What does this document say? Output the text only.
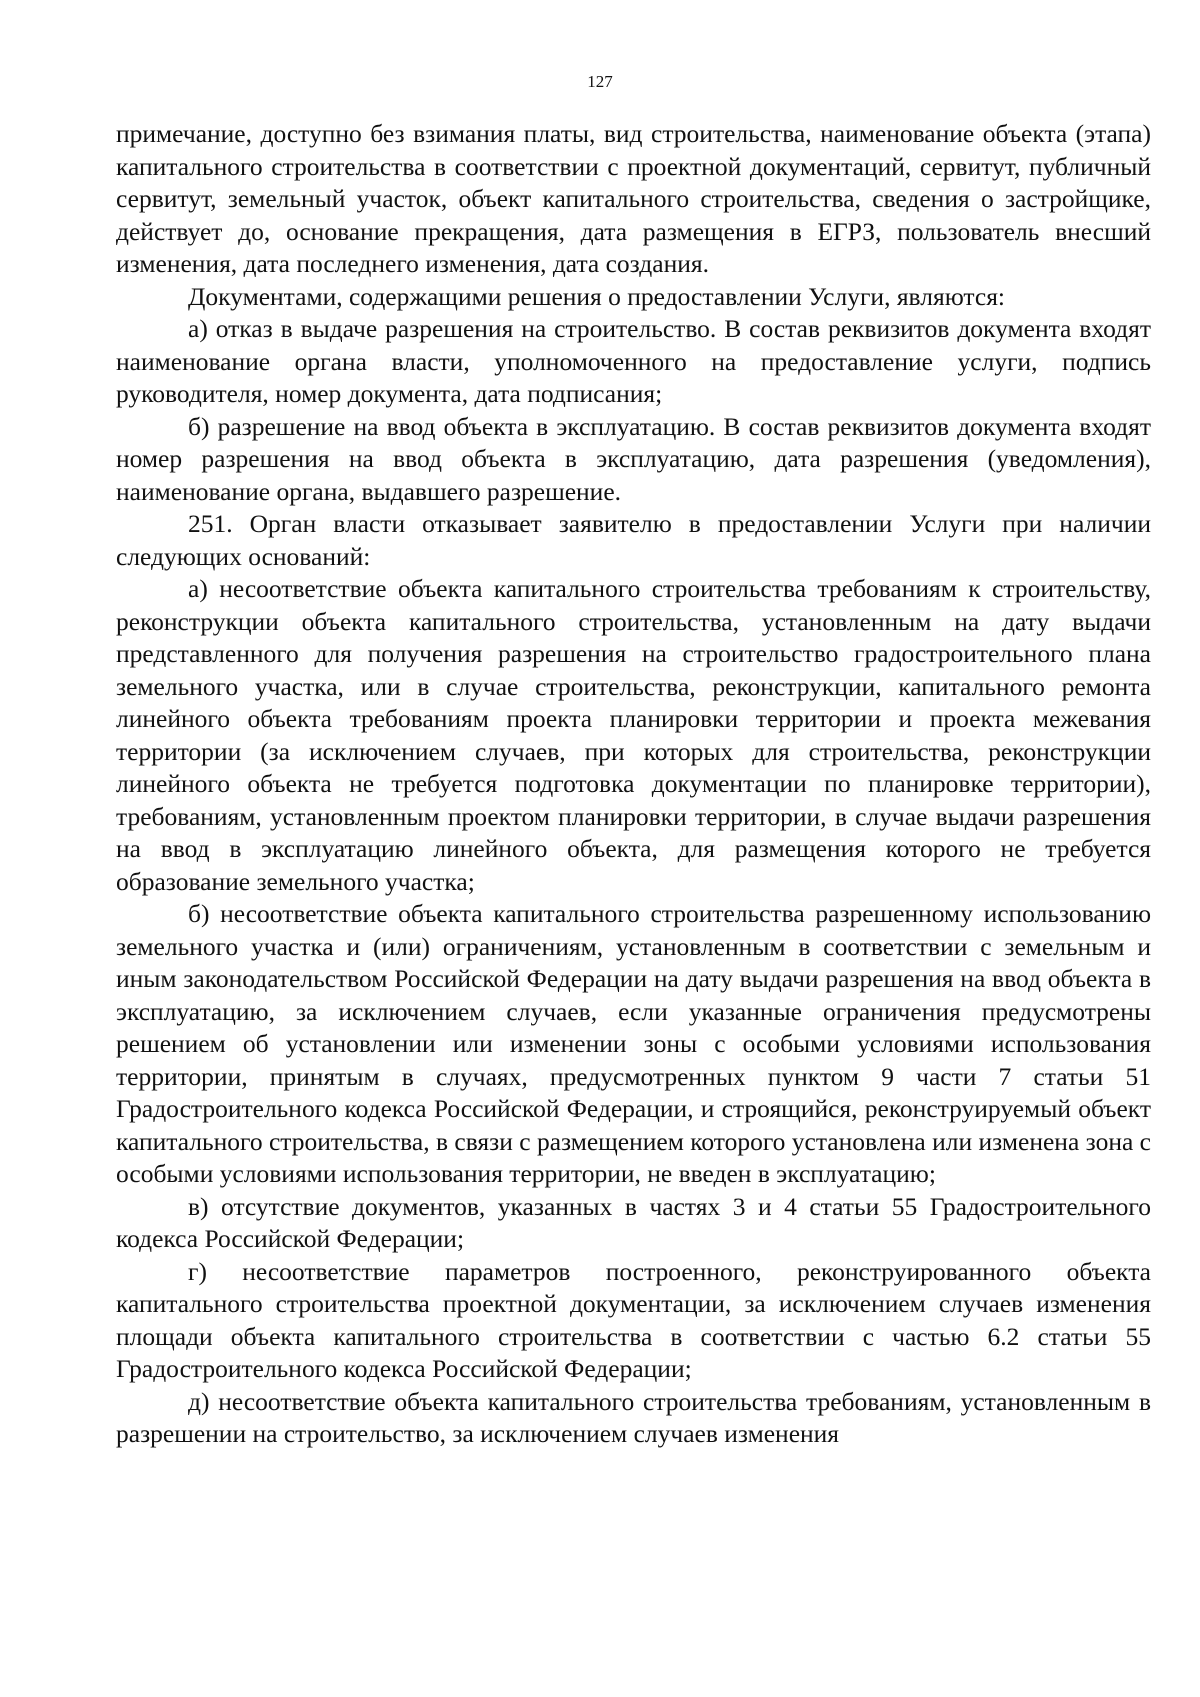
127

примечание, доступно без взимания платы, вид строительства, наименование объекта (этапа) капитального строительства в соответствии с проектной документаций, сервитут, публичный сервитут, земельный участок, объект капитального строительства, сведения о застройщике, действует до, основание прекращения, дата размещения в ЕГРЗ, пользователь внесший изменения, дата последнего изменения, дата создания.

Документами, содержащими решения о предоставлении Услуги, являются:

а) отказ в выдаче разрешения на строительство. В состав реквизитов документа входят наименование органа власти, уполномоченного на предоставление услуги, подпись руководителя, номер документа, дата подписания;

б) разрешение на ввод объекта в эксплуатацию. В состав реквизитов документа входят номер разрешения на ввод объекта в эксплуатацию, дата разрешения (уведомления), наименование органа, выдавшего разрешение.

251. Орган власти отказывает заявителю в предоставлении Услуги при наличии следующих оснований:

а) несоответствие объекта капитального строительства требованиям к строительству, реконструкции объекта капитального строительства, установленным на дату выдачи представленного для получения разрешения на строительство градостроительного плана земельного участка, или в случае строительства, реконструкции, капитального ремонта линейного объекта требованиям проекта планировки территории и проекта межевания территории (за исключением случаев, при которых для строительства, реконструкции линейного объекта не требуется подготовка документации по планировке территории), требованиям, установленным проектом планировки территории, в случае выдачи разрешения на ввод в эксплуатацию линейного объекта, для размещения которого не требуется образование земельного участка;

б) несоответствие объекта капитального строительства разрешенному использованию земельного участка и (или) ограничениям, установленным в соответствии с земельным и иным законодательством Российской Федерации на дату выдачи разрешения на ввод объекта в эксплуатацию, за исключением случаев, если указанные ограничения предусмотрены решением об установлении или изменении зоны с особыми условиями использования территории, принятым в случаях, предусмотренных пунктом 9 части 7 статьи 51 Градостроительного кодекса Российской Федерации, и строящийся, реконструируемый объект капитального строительства, в связи с размещением которого установлена или изменена зона с особыми условиями использования территории, не введен в эксплуатацию;

в) отсутствие документов, указанных в частях 3 и 4 статьи 55 Градостроительного кодекса Российской Федерации;

г) несоответствие параметров построенного, реконструированного объекта капитального строительства проектной документации, за исключением случаев изменения площади объекта капитального строительства в соответствии с частью 6.2 статьи 55 Градостроительного кодекса Российской Федерации;

д) несоответствие объекта капитального строительства требованиям, установленным в разрешении на строительство, за исключением случаев изменения
